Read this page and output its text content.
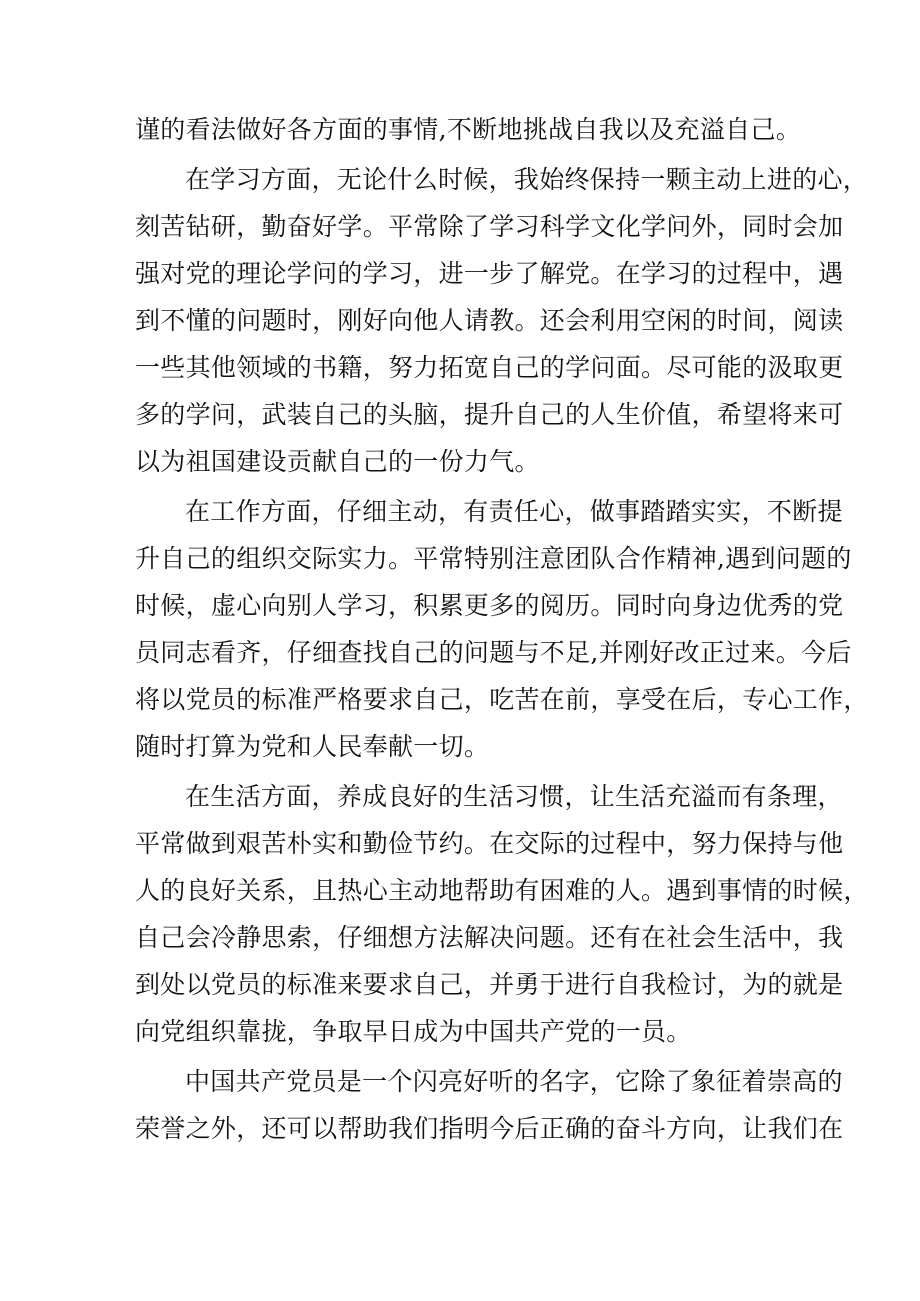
谨的看法做好各方面的事情,不断地挑战自我以及充溢自己。
在学习方面，无论什么时候，我始终保持一颗主动上进的心，
刻苦钻研，勤奋好学。平常除了学习科学文化学问外，同时会加
强对党的理论学问的学习，进一步了解党。在学习的过程中，遇
到不懂的问题时，刚好向他人请教。还会利用空闲的时间，阅读
一些其他领域的书籍，努力拓宽自己的学问面。尽可能的汲取更
多的学问，武装自己的头脑，提升自己的人生价值，希望将来可
以为祖国建设贡献自己的一份力气。
在工作方面，仔细主动，有责任心，做事踏踏实实，不断提
升自己的组织交际实力。平常特别注意团队合作精神,遇到问题的
时候，虚心向别人学习，积累更多的阅历。同时向身边优秀的党
员同志看齐，仔细查找自己的问题与不足,并刚好改正过来。今后
将以党员的标准严格要求自己，吃苦在前，享受在后，专心工作，
随时打算为党和人民奉献一切。
在生活方面，养成良好的生活习惯，让生活充溢而有条理，
平常做到艰苦朴实和勤俭节约。在交际的过程中，努力保持与他
人的良好关系，且热心主动地帮助有困难的人。遇到事情的时候，
自己会冷静思索，仔细想方法解决问题。还有在社会生活中，我
到处以党员的标准来要求自己，并勇于进行自我检讨，为的就是
向党组织靠拢，争取早日成为中国共产党的一员。
中国共产党员是一个闪亮好听的名字，它除了象征着崇高的
荣誉之外，还可以帮助我们指明今后正确的奋斗方向，让我们在
